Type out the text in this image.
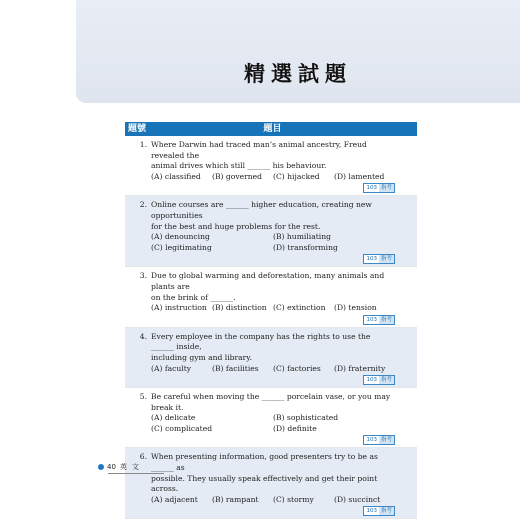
精選試題
題號	題目
1. Where Darwin had traced man’s animal ancestry, Freud revealed the
animal drives which still ______ his behaviour.
(A) classified	(B) governed	(C) hijacked	(D) lamented
103 指考
2. Online courses are ______ higher education, creating new opportunities
for the best and huge problems for the rest.
(A) denouncing	(B) humiliating
(C) legitimating	(D) transforming
103 指考
3. Due to global warming and deforestation, many animals and plants are
on the brink of ______.
(A) instruction (B) distinction (C) extinction	(D) tension
103 指考
4. Every employee in the company has the rights to use the ______ inside,
including gym and library.
(A) faculty	(B) facilities	(C) factories	(D) fraternity
103 指考
5. Be careful when moving the ______ porcelain vase, or you may break it.
(A) delicate	(B) sophisticated
(C) complicated	(D) definite
103 指考
6. When presenting information, good presenters try to be as ______ as
possible. They usually speak effectively and get their point across.
(A) adjacent	(B) rampant	(C) stormy	(D) succinct
103 指考
40 英文
